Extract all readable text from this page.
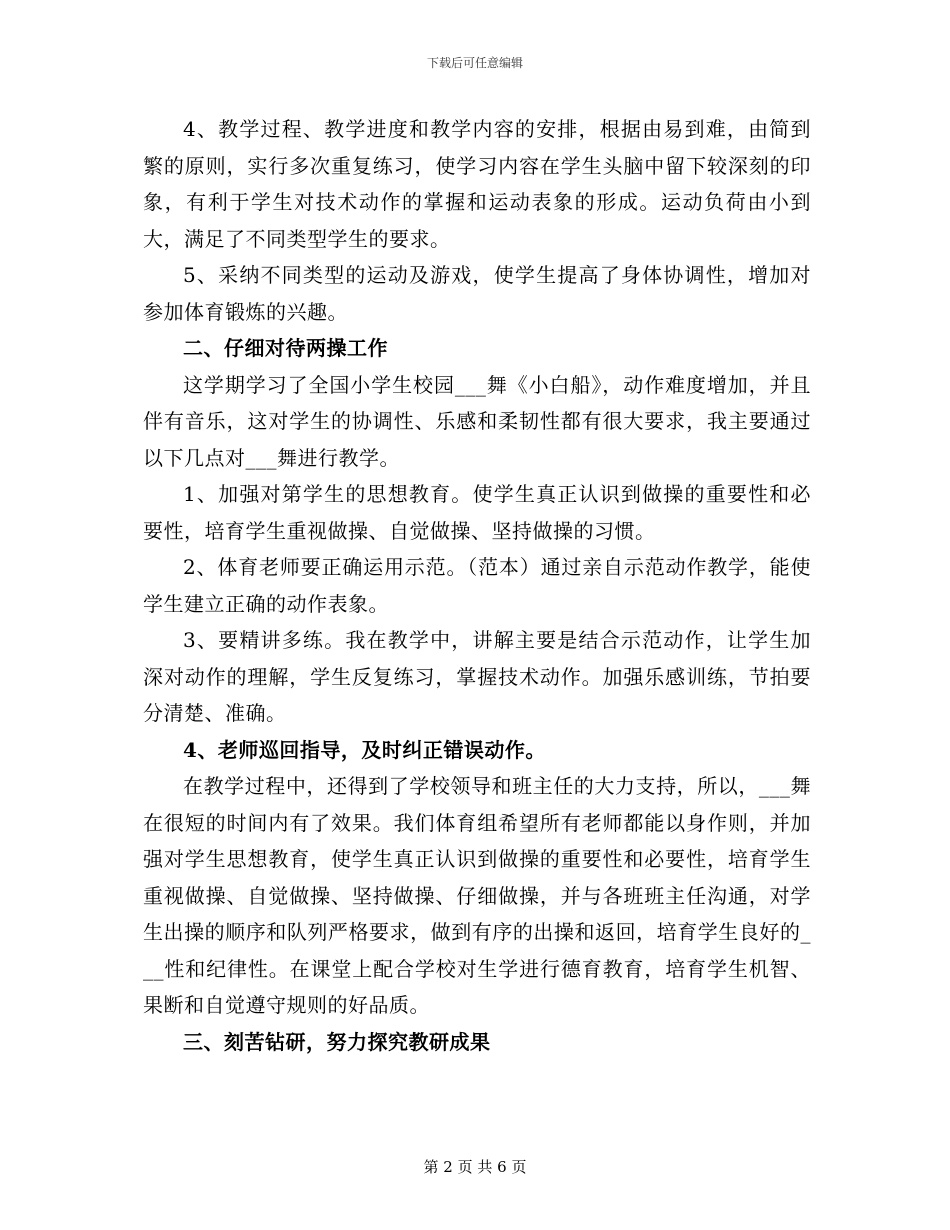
下载后可任意编辑

4、教学过程、教学进度和教学内容的安排，根据由易到难，由简到繁的原则，实行多次重复练习，使学习内容在学生头脑中留下较深刻的印象，有利于学生对技术动作的掌握和运动表象的形成。运动负荷由小到大，满足了不同类型学生的要求。

5、采纳不同类型的运动及游戏，使学生提高了身体协调性，增加对参加体育锻炼的兴趣。

二、仔细对待两操工作

这学期学习了全国小学生校园___舞《小白船》，动作难度增加，并且伴有音乐，这对学生的协调性、乐感和柔韧性都有很大要求，我主要通过以下几点对___舞进行教学。

1、加强对第学生的思想教育。使学生真正认识到做操的重要性和必要性，培育学生重视做操、自觉做操、坚持做操的习惯。

2、体育老师要正确运用示范。（范本）通过亲自示范动作教学，能使学生建立正确的动作表象。

3、要精讲多练。我在教学中，讲解主要是结合示范动作，让学生加深对动作的理解，学生反复练习，掌握技术动作。加强乐感训练，节拍要分清楚、准确。

4、老师巡回指导，及时纠正错误动作。

在教学过程中，还得到了学校领导和班主任的大力支持，所以，___舞在很短的时间内有了效果。我们体育组希望所有老师都能以身作则，并加强对学生思想教育，使学生真正认识到做操的重要性和必要性，培育学生重视做操、自觉做操、坚持做操、仔细做操，并与各班班主任沟通，对学生出操的顺序和队列严格要求，做到有序的出操和返回，培育学生良好的___性和纪律性。在课堂上配合学校对生学进行德育教育，培育学生机智、果断和自觉遵守规则的好品质。

三、刻苦钻研，努力探究教研成果

第 2 页 共 6 页
